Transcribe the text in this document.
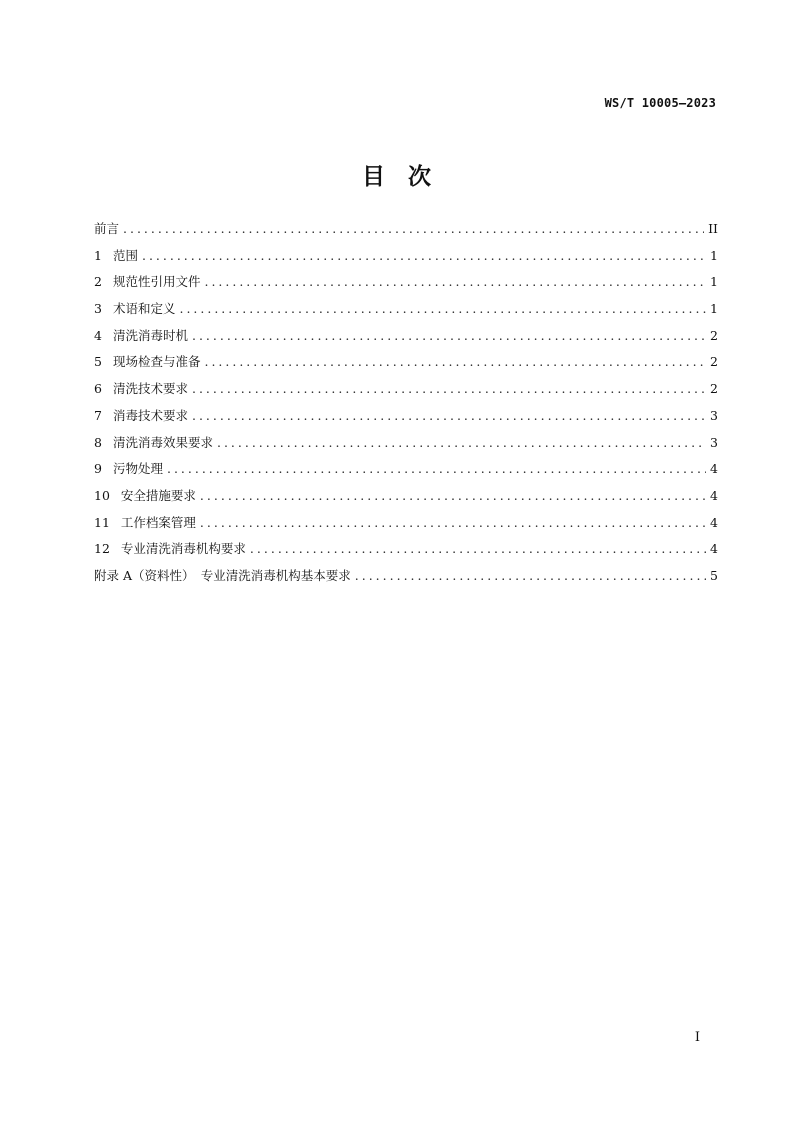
WS/T 10005—2023
目　次
前言 .....	II
1 范围 .....	1
2 规范性引用文件 .....	1
3 术语和定义 .....	1
4 清洗消毒时机 .....	2
5 现场检查与准备 .....	2
6 清洗技术要求 .....	2
7 消毒技术要求 .....	3
8 清洗消毒效果要求 .....	3
9 污物处理 .....	4
10 安全措施要求 .....	4
11 工作档案管理 .....	4
12 专业清洗消毒机构要求 .....	4
附录 A（资料性）　专业清洗消毒机构基本要求 .....	5
I
